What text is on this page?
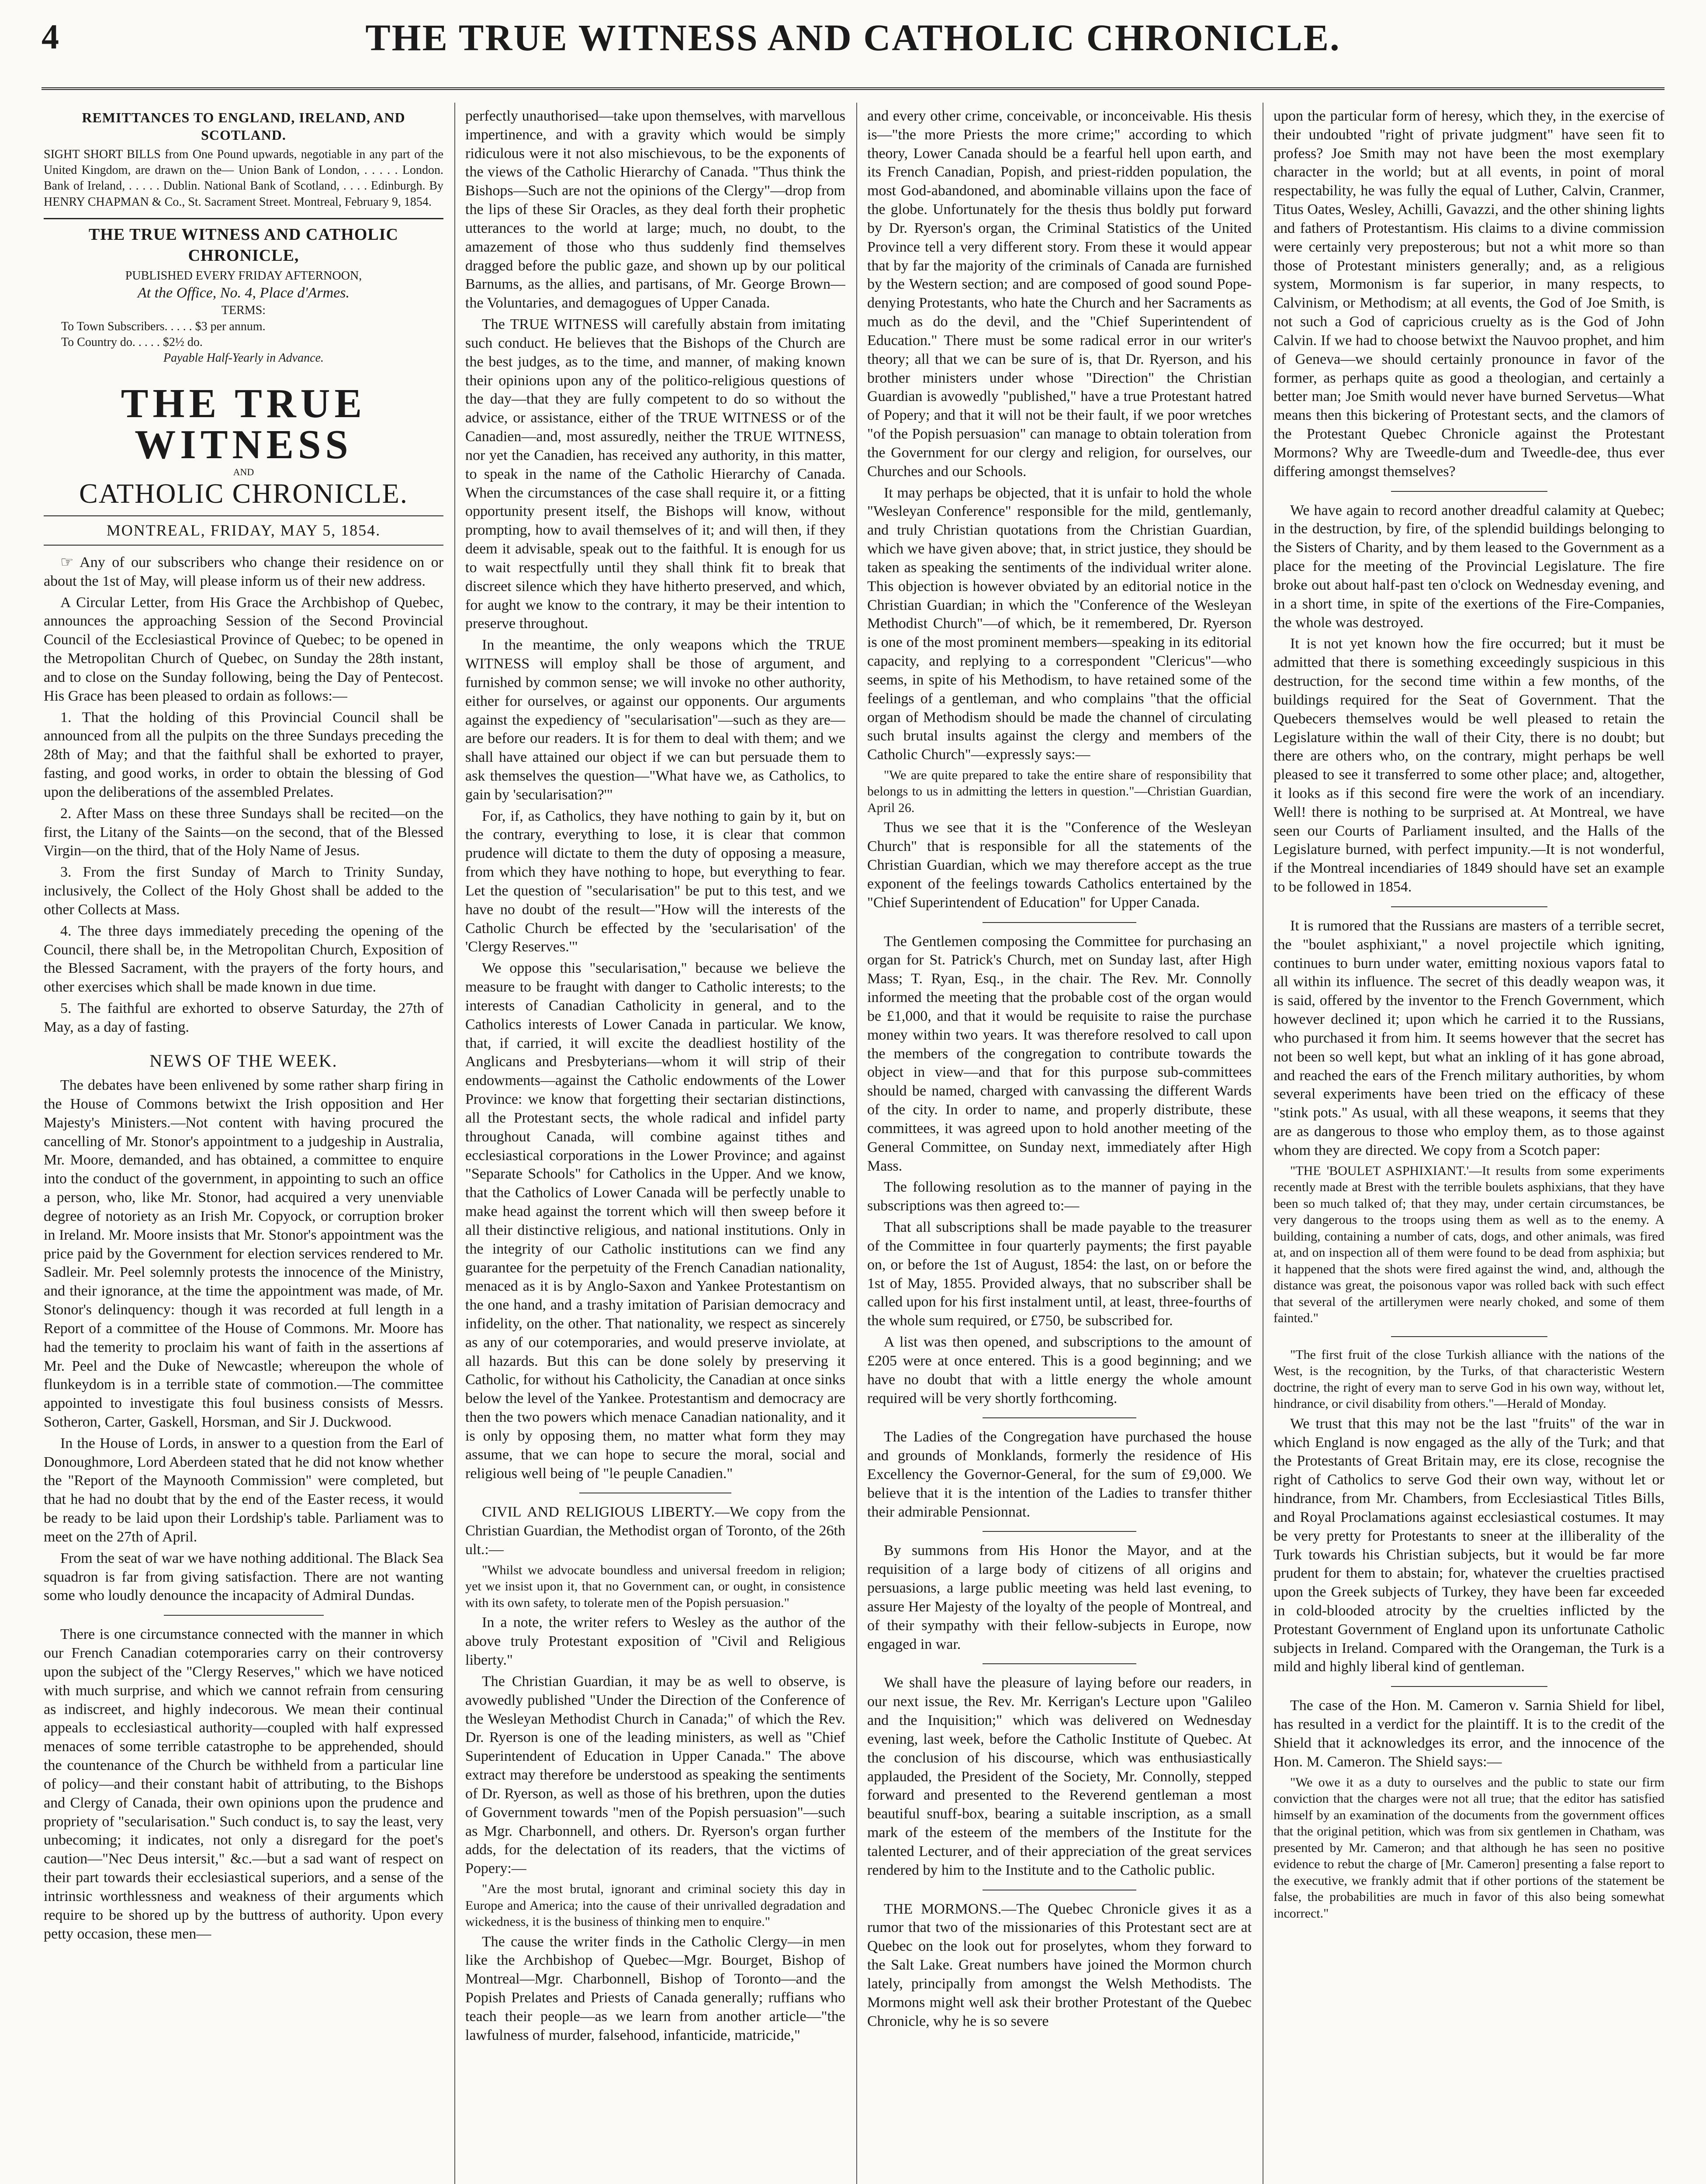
4	THE TRUE WITNESS AND CATHOLIC CHRONICLE.
REMITTANCES TO ENGLAND, IRELAND, AND SCOTLAND.

SIGHT SHORT BILLS from One Pound upwards, negotiable in any part of the United Kingdom, are drawn on the— Union Bank of London, . . . . . London. Bank of Ireland, . . . . . Dublin. National Bank of Scotland, . . . . Edinburgh. By HENRY CHAPMAN & Co., St. Sacrament Street. Montreal, February 9, 1854.

THE TRUE WITNESS AND CATHOLIC CHRONICLE,
PUBLISHED EVERY FRIDAY AFTERNOON,
At the Office, No. 4, Place d'Armes.
TERMS:
To Town Subscribers. . . . . $3 per annum.
To Country do. . . . . $2½ do.
Payable Half-Yearly in Advance.
THE TRUE WITNESS
AND
CATHOLIC CHRONICLE.
MONTREAL, FRIDAY, MAY 5, 1854.

☞ Any of our subscribers who change their residence on or about the 1st of May, will please inform us of their new address.

A Circular Letter, from His Grace the Archbishop of Quebec, announces the approaching Session of the Second Provincial Council of the Ecclesiastical Province of Quebec; to be opened in the Metropolitan Church of Quebec, on Sunday the 28th instant, and to close on the Sunday following, being the Day of Pentecost. His Grace has been pleased to ordain as follows:—

1. That the holding of this Provincial Council shall be announced from all the pulpits on the three Sundays preceding the 28th of May; and that the faithful shall be exhorted to prayer, fasting, and good works, in order to obtain the blessing of God upon the deliberations of the assembled Prelates.

2. After Mass on these three Sundays shall be recited—on the first, the Litany of the Saints—on the second, that of the Blessed Virgin—on the third, that of the Holy Name of Jesus.

3. From the first Sunday of March to Trinity Sunday, inclusively, the Collect of the Holy Ghost shall be added to the other Collects at Mass.

4. The three days immediately preceding the opening of the Council, there shall be, in the Metropolitan Church, Exposition of the Blessed Sacrament, with the prayers of the forty hours, and other exercises which shall be made known in due time.

5. The faithful are exhorted to observe Saturday, the 27th of May, as a day of fasting.

NEWS OF THE WEEK.

The debates have been enlivened by some rather sharp firing in the House of Commons betwixt the Irish opposition and Her Majesty's Ministers.—Not content with having procured the cancelling of Mr. Stonor's appointment to a judgeship in Australia, Mr. Moore, demanded, and has obtained, a committee to enquire into the conduct of the government, in appointing to such an office a person, who, like Mr. Stonor, had acquired a very unenviable degree of notoriety as an Irish Mr. Copyock, or corruption broker in Ireland. Mr. Moore insists that Mr. Stonor's appointment was the price paid by the Government for election services rendered to Mr. Sadleir. Mr. Peel solemnly protests the innocence of the Ministry, and their ignorance, at the time the appointment was made, of Mr. Stonor's delinquency: though it was recorded at full length in a Report of a committee of the House of Commons. Mr. Moore has had the temerity to proclaim his want of faith in the assertions af Mr. Peel and the Duke of Newcastle; whereupon the whole of flunkeydom is in a terrible state of commotion.—The committee appointed to investigate this foul business consists of Messrs. Sotheron, Carter, Gaskell, Horsman, and Sir J. Duckwood.

In the House of Lords, in answer to a question from the Earl of Donoughmore, Lord Aberdeen stated that he did not know whether the "Report of the Maynooth Commission" were completed, but that he had no doubt that by the end of the Easter recess, it would be ready to be laid upon their Lordship's table. Parliament was to meet on the 27th of April.

From the seat of war we have nothing additional. The Black Sea squadron is far from giving satisfaction. There are not wanting some who loudly denounce the incapacity of Admiral Dundas.

There is one circumstance connected with the manner in which our French Canadian cotemporaries carry on their controversy upon the subject of the "Clergy Reserves," which we have noticed with much surprise, and which we cannot refrain from censuring as indiscreet, and highly indecorous. We mean their continual appeals to ecclesiastical authority—coupled with half expressed menaces of some terrible catastrophe to be apprehended, should the countenance of the Church be withheld from a particular line of policy—and their constant habit of attributing, to the Bishops and Clergy of Canada, their own opinions upon the prudence and propriety of "secularisation." Such conduct is, to say the least, very unbecoming; it indicates, not only a disregard for the poet's caution—"Nec Deus intersit," &c.—but a sad want of respect on their part towards their ecclesiastical superiors, and a sense of the intrinsic worthlessness and weakness of their arguments which require to be shored up by the buttress of authority. Upon every petty occasion, these men—

perfectly unauthorised—take upon themselves, with marvellous impertinence, and with a gravity which would be simply ridiculous were it not also mischievous, to be the exponents of the views of the Catholic Hierarchy of Canada. "Thus think the Bishops—Such are not the opinions of the Clergy"—drop from the lips of these Sir Oracles, as they deal forth their prophetic utterances to the world at large; much, no doubt, to the amazement of those who thus suddenly find themselves dragged before the public gaze, and shown up by our political Barnums, as the allies, and partisans, of Mr. George Brown—the Voluntaries, and demagogues of Upper Canada.

The TRUE WITNESS will carefully abstain from imitating such conduct. He believes that the Bishops of the Church are the best judges, as to the time, and manner, of making known their opinions upon any of the politico-religious questions of the day—that they are fully competent to do so without the advice, or assistance, either of the TRUE WITNESS or of the Canadien—and, most assuredly, neither the TRUE WITNESS, nor yet the Canadien, has received any authority, in this matter, to speak in the name of the Catholic Hierarchy of Canada. When the circumstances of the case shall require it, or a fitting opportunity present itself, the Bishops will know, without prompting, how to avail themselves of it; and will then, if they deem it advisable, speak out to the faithful. It is enough for us to wait respectfully until they shall think fit to break that discreet silence which they have hitherto preserved, and which, for aught we know to the contrary, it may be their intention to preserve throughout.

In the meantime, the only weapons which the TRUE WITNESS will employ shall be those of argument, and furnished by common sense; we will invoke no other authority, either for ourselves, or against our opponents. Our arguments against the expediency of "secularisation"—such as they are—are before our readers. It is for them to deal with them; and we shall have attained our object if we can but persuade them to ask themselves the question—"What have we, as Catholics, to gain by 'secularisation?'"

For, if, as Catholics, they have nothing to gain by it, but on the contrary, everything to lose, it is clear that common prudence will dictate to them the duty of opposing a measure, from which they have nothing to hope, but everything to fear. Let the question of "secularisation" be put to this test, and we have no doubt of the result—"How will the interests of the Catholic Church be effected by the 'secularisation' of the 'Clergy Reserves.'"

We oppose this "secularisation," because we believe the measure to be fraught with danger to Catholic interests; to the interests of Canadian Catholicity in general, and to the Catholics interests of Lower Canada in particular. We know, that, if carried, it will excite the deadliest hostility of the Anglicans and Presbyterians—whom it will strip of their endowments—against the Catholic endowments of the Lower Province: we know that forgetting their sectarian distinctions, all the Protestant sects, the whole radical and infidel party throughout Canada, will combine against tithes and ecclesiastical corporations in the Lower Province; and against "Separate Schools" for Catholics in the Upper. And we know, that the Catholics of Lower Canada will be perfectly unable to make head against the torrent which will then sweep before it all their distinctive religious, and national institutions. Only in the integrity of our Catholic institutions can we find any guarantee for the perpetuity of the French Canadian nationality, menaced as it is by Anglo-Saxon and Yankee Protestantism on the one hand, and a trashy imitation of Parisian democracy and infidelity, on the other. That nationality, we respect as sincerely as any of our cotemporaries, and would preserve inviolate, at all hazards. But this can be done solely by preserving it Catholic, for without his Catholicity, the Canadian at once sinks below the level of the Yankee. Protestantism and democracy are then the two powers which menace Canadian nationality, and it is only by opposing them, no matter what form they may assume, that we can hope to secure the moral, social and religious well being of "le peuple Canadien."

CIVIL AND RELIGIOUS LIBERTY.—We copy from the Christian Guardian, the Methodist organ of Toronto, of the 26th ult.:—

"Whilst we advocate boundless and universal freedom in religion; yet we insist upon it, that no Government can, or ought, in consistence with its own safety, to tolerate men of the Popish persuasion."

In a note, the writer refers to Wesley as the author of the above truly Protestant exposition of "Civil and Religious liberty."

The Christian Guardian, it may be as well to observe, is avowedly published "Under the Direction of the Conference of the Wesleyan Methodist Church in Canada;" of which the Rev. Dr. Ryerson is one of the leading ministers, as well as "Chief Superintendent of Education in Upper Canada." The above extract may therefore be understood as speaking the sentiments of Dr. Ryerson, as well as those of his brethren, upon the duties of Government towards "men of the Popish persuasion"—such as Mgr. Charbonnell, and others. Dr. Ryerson's organ further adds, for the delectation of its readers, that the victims of Popery:—

"Are the most brutal, ignorant and criminal society this day in Europe and America; into the cause of their unrivalled degradation and wickedness, it is the business of thinking men to enquire."

The cause the writer finds in the Catholic Clergy—in men like the Archbishop of Quebec—Mgr. Bourget, Bishop of Montreal—Mgr. Charbonnell, Bishop of Toronto—and the Popish Prelates and Priests of Canada generally; ruffians who teach their people—as we learn from another article—"the lawfulness of murder, falsehood, infanticide, matricide,"

and every other crime, conceivable, or inconceivable. His thesis is—"the more Priests the more crime;" according to which theory, Lower Canada should be a fearful hell upon earth, and its French Canadian, Popish, and priest-ridden population, the most God-abandoned, and abominable villains upon the face of the globe. Unfortunately for the thesis thus boldly put forward by Dr. Ryerson's organ, the Criminal Statistics of the United Province tell a very different story. From these it would appear that by far the majority of the criminals of Canada are furnished by the Western section; and are composed of good sound Pope-denying Protestants, who hate the Church and her Sacraments as much as do the devil, and the "Chief Superintendent of Education." There must be some radical error in our writer's theory; all that we can be sure of is, that Dr. Ryerson, and his brother ministers under whose "Direction" the Christian Guardian is avowedly "published," have a true Protestant hatred of Popery; and that it will not be their fault, if we poor wretches "of the Popish persuasion" can manage to obtain toleration from the Government for our clergy and religion, for ourselves, our Churches and our Schools.

It may perhaps be objected, that it is unfair to hold the whole "Wesleyan Conference" responsible for the mild, gentlemanly, and truly Christian quotations from the Christian Guardian, which we have given above; that, in strict justice, they should be taken as speaking the sentiments of the individual writer alone. This objection is however obviated by an editorial notice in the Christian Guardian; in which the "Conference of the Wesleyan Methodist Church"—of which, be it remembered, Dr. Ryerson is one of the most prominent members—speaking in its editorial capacity, and replying to a correspondent "Clericus"—who seems, in spite of his Methodism, to have retained some of the feelings of a gentleman, and who complains "that the official organ of Methodism should be made the channel of circulating such brutal insults against the clergy and members of the Catholic Church"—expressly says:—

"We are quite prepared to take the entire share of responsibility that belongs to us in admitting the letters in question."—Christian Guardian, April 26.

Thus we see that it is the "Conference of the Wesleyan Church" that is responsible for all the statements of the Christian Guardian, which we may therefore accept as the true exponent of the feelings towards Catholics entertained by the "Chief Superintendent of Education" for Upper Canada.

The Gentlemen composing the Committee for purchasing an organ for St. Patrick's Church, met on Sunday last, after High Mass; T. Ryan, Esq., in the chair. The Rev. Mr. Connolly informed the meeting that the probable cost of the organ would be £1,000, and that it would be requisite to raise the purchase money within two years. It was therefore resolved to call upon the members of the congregation to contribute towards the object in view—and that for this purpose sub-committees should be named, charged with canvassing the different Wards of the city. In order to name, and properly distribute, these committees, it was agreed upon to hold another meeting of the General Committee, on Sunday next, immediately after High Mass.

The following resolution as to the manner of paying in the subscriptions was then agreed to:—

That all subscriptions shall be made payable to the treasurer of the Committee in four quarterly payments; the first payable on, or before the 1st of August, 1854: the last, on or before the 1st of May, 1855. Provided always, that no subscriber shall be called upon for his first instalment until, at least, three-fourths of the whole sum required, or £750, be subscribed for.

A list was then opened, and subscriptions to the amount of £205 were at once entered. This is a good beginning; and we have no doubt that with a little energy the whole amount required will be very shortly forthcoming.

The Ladies of the Congregation have purchased the house and grounds of Monklands, formerly the residence of His Excellency the Governor-General, for the sum of £9,000. We believe that it is the intention of the Ladies to transfer thither their admirable Pensionnat.

By summons from His Honor the Mayor, and at the requisition of a large body of citizens of all origins and persuasions, a large public meeting was held last evening, to assure Her Majesty of the loyalty of the people of Montreal, and of their sympathy with their fellow-subjects in Europe, now engaged in war.

We shall have the pleasure of laying before our readers, in our next issue, the Rev. Mr. Kerrigan's Lecture upon "Galileo and the Inquisition;" which was delivered on Wednesday evening, last week, before the Catholic Institute of Quebec. At the conclusion of his discourse, which was enthusiastically applauded, the President of the Society, Mr. Connolly, stepped forward and presented to the Reverend gentleman a most beautiful snuff-box, bearing a suitable inscription, as a small mark of the esteem of the members of the Institute for the talented Lecturer, and of their appreciation of the great services rendered by him to the Institute and to the Catholic public.

THE MORMONS.—The Quebec Chronicle gives it as a rumor that two of the missionaries of this Protestant sect are at Quebec on the look out for proselytes, whom they forward to the Salt Lake. Great numbers have joined the Mormon church lately, principally from amongst the Welsh Methodists. The Mormons might well ask their brother Protestant of the Quebec Chronicle, why he is so severe

upon the particular form of heresy, which they, in the exercise of their undoubted "right of private judgment" have seen fit to profess? Joe Smith may not have been the most exemplary character in the world; but at all events, in point of moral respectability, he was fully the equal of Luther, Calvin, Cranmer, Titus Oates, Wesley, Achilli, Gavazzi, and the other shining lights and fathers of Protestantism. His claims to a divine commission were certainly very preposterous; but not a whit more so than those of Protestant ministers generally; and, as a religious system, Mormonism is far superior, in many respects, to Calvinism, or Methodism; at all events, the God of Joe Smith, is not such a God of capricious cruelty as is the God of John Calvin. If we had to choose betwixt the Nauvoo prophet, and him of Geneva—we should certainly pronounce in favor of the former, as perhaps quite as good a theologian, and certainly a better man; Joe Smith would never have burned Servetus—What means then this bickering of Protestant sects, and the clamors of the Protestant Quebec Chronicle against the Protestant Mormons? Why are Tweedle-dum and Tweedle-dee, thus ever differing amongst themselves?

We have again to record another dreadful calamity at Quebec; in the destruction, by fire, of the splendid buildings belonging to the Sisters of Charity, and by them leased to the Government as a place for the meeting of the Provincial Legislature. The fire broke out about half-past ten o'clock on Wednesday evening, and in a short time, in spite of the exertions of the Fire-Companies, the whole was destroyed.

It is not yet known how the fire occurred; but it must be admitted that there is something exceedingly suspicious in this destruction, for the second time within a few months, of the buildings required for the Seat of Government. That the Quebecers themselves would be well pleased to retain the Legislature within the wall of their City, there is no doubt; but there are others who, on the contrary, might perhaps be well pleased to see it transferred to some other place; and, altogether, it looks as if this second fire were the work of an incendiary. Well! there is nothing to be surprised at. At Montreal, we have seen our Courts of Parliament insulted, and the Halls of the Legislature burned, with perfect impunity.—It is not wonderful, if the Montreal incendiaries of 1849 should have set an example to be followed in 1854.

It is rumored that the Russians are masters of a terrible secret, the "boulet asphixiant," a novel projectile which igniting, continues to burn under water, emitting noxious vapors fatal to all within its influence. The secret of this deadly weapon was, it is said, offered by the inventor to the French Government, which however declined it; upon which he carried it to the Russians, who purchased it from him. It seems however that the secret has not been so well kept, but what an inkling of it has gone abroad, and reached the ears of the French military authorities, by whom several experiments have been tried on the efficacy of these "stink pots." As usual, with all these weapons, it seems that they are as dangerous to those who employ them, as to those against whom they are directed. We copy from a Scotch paper:

"THE 'BOULET ASPHIXIANT.'—It results from some experiments recently made at Brest with the terrible boulets asphixians, that they have been so much talked of; that they may, under certain circumstances, be very dangerous to the troops using them as well as to the enemy. A building, containing a number of cats, dogs, and other animals, was fired at, and on inspection all of them were found to be dead from asphixia; but it happened that the shots were fired against the wind, and, although the distance was great, the poisonous vapor was rolled back with such effect that several of the artillerymen were nearly choked, and some of them fainted."

"The first fruit of the close Turkish alliance with the nations of the West, is the recognition, by the Turks, of that characteristic Western doctrine, the right of every man to serve God in his own way, without let, hindrance, or civil disability from others."—Herald of Monday.

We trust that this may not be the last "fruits" of the war in which England is now engaged as the ally of the Turk; and that the Protestants of Great Britain may, ere its close, recognise the right of Catholics to serve God their own way, without let or hindrance, from Mr. Chambers, from Ecclesiastical Titles Bills, and Royal Proclamations against ecclesiastical costumes. It may be very pretty for Protestants to sneer at the illiberality of the Turk towards his Christian subjects, but it would be far more prudent for them to abstain; for, whatever the cruelties practised upon the Greek subjects of Turkey, they have been far exceeded in cold-blooded atrocity by the cruelties inflicted by the Protestant Government of England upon its unfortunate Catholic subjects in Ireland. Compared with the Orangeman, the Turk is a mild and highly liberal kind of gentleman.

The case of the Hon. M. Cameron v. Sarnia Shield for libel, has resulted in a verdict for the plaintiff. It is to the credit of the Shield that it acknowledges its error, and the innocence of the Hon. M. Cameron. The Shield says:—

"We owe it as a duty to ourselves and the public to state our firm conviction that the charges were not all true; that the editor has satisfied himself by an examination of the documents from the government offices that the original petition, which was from six gentlemen in Chatham, was presented by Mr. Cameron; and that although he has seen no positive evidence to rebut the charge of [Mr. Cameron] presenting a false report to the executive, we frankly admit that if other portions of the statement be false, the probabilities are much in favor of this also being somewhat incorrect."
